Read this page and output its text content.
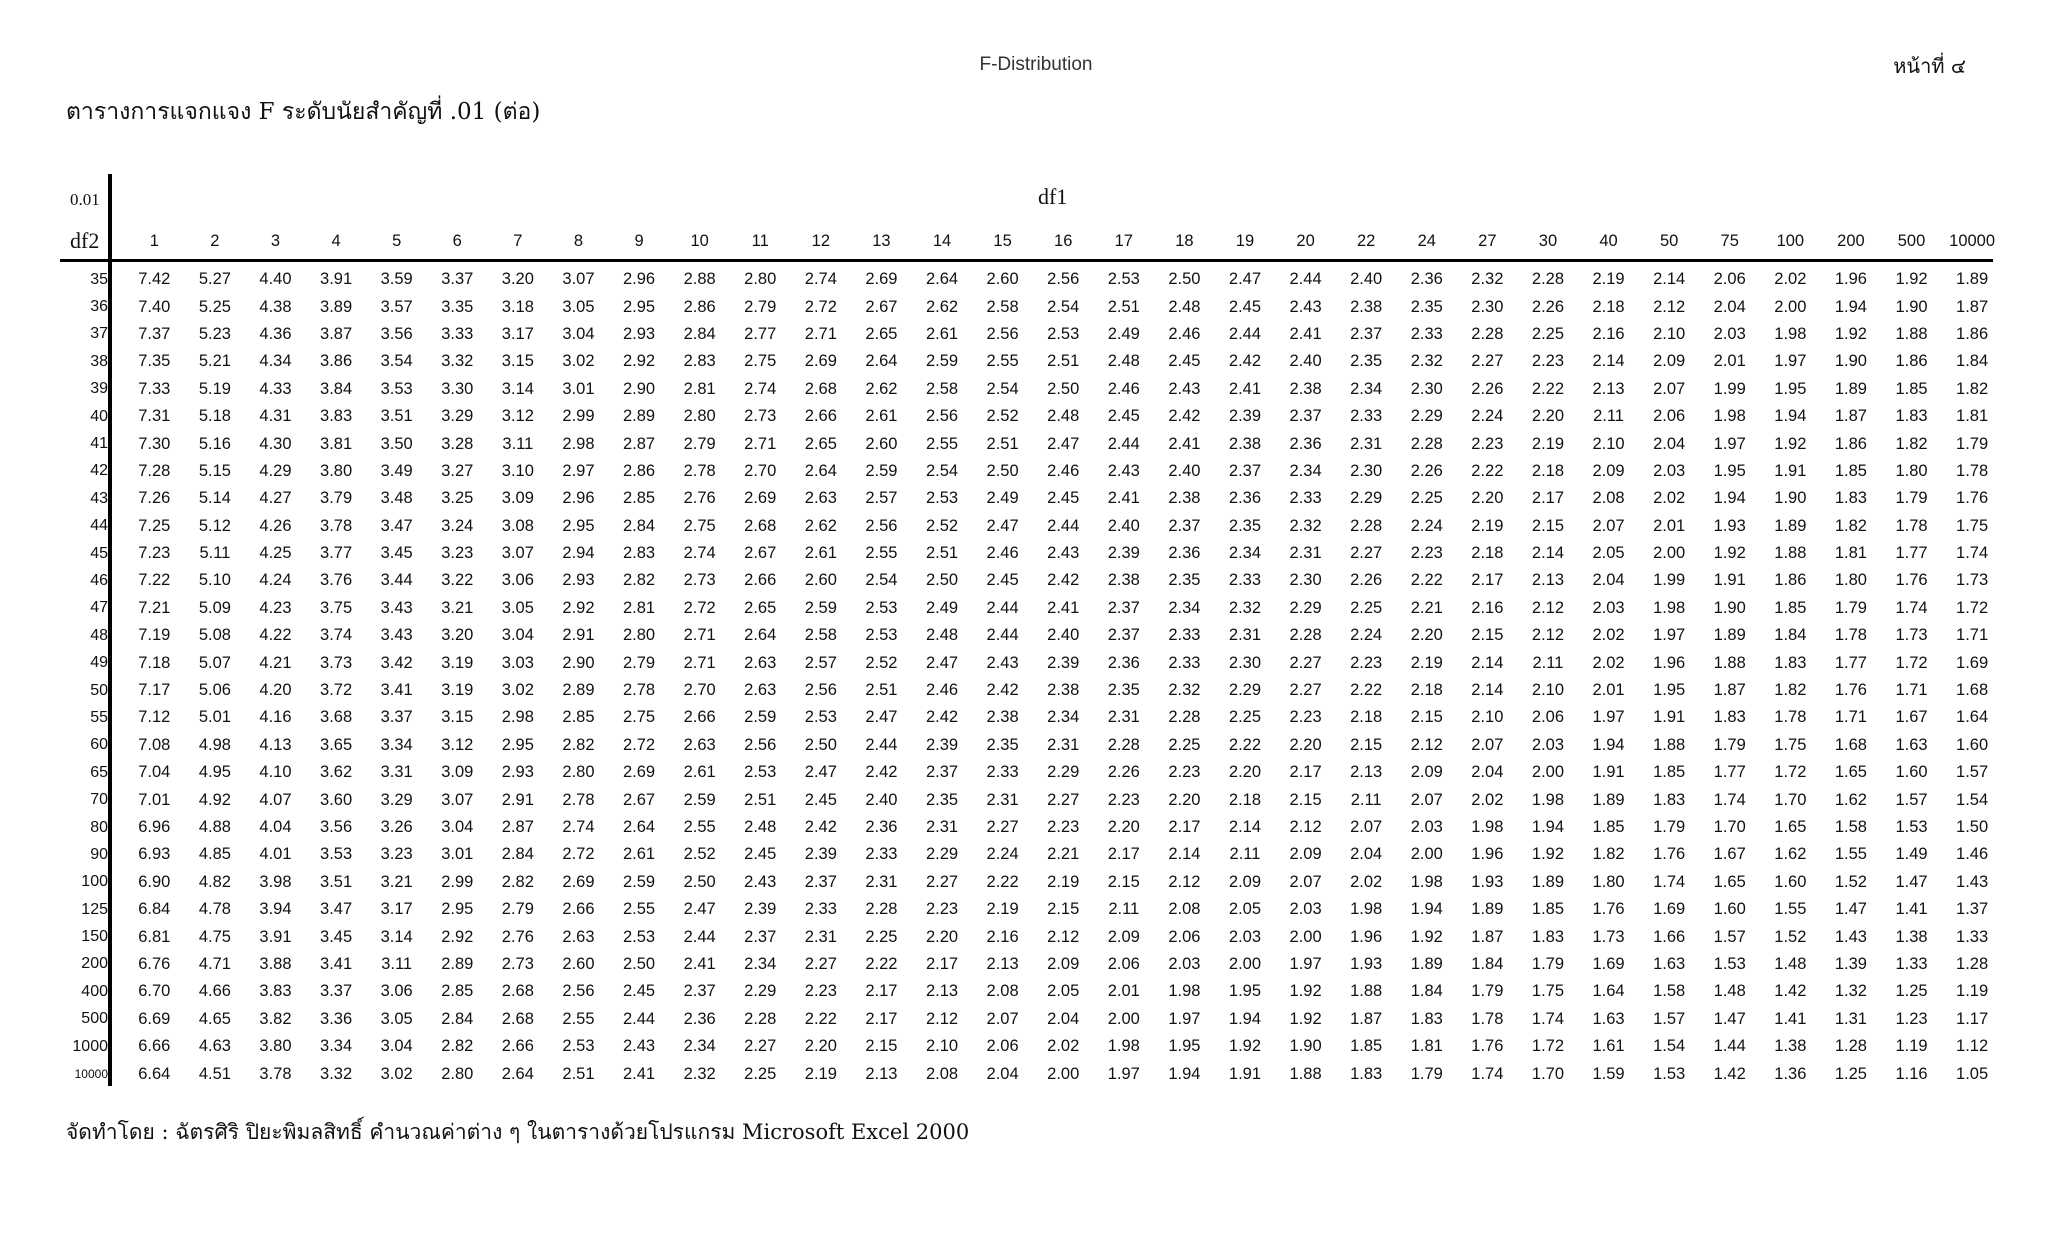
F-Distribution	หน้าที่ ๔
ตารางการแจกแจง F ระดับนัยสำคัญที่ .01 (ต่อ)
0.01	df1
df2
			1	2	3	4	5	6	7	8	9	10	11	12	13	14	15	16	17	18	19	20	22	24	27	30	40	50	75	100	200	500	10000
35		7.42	5.27	4.40	3.91	3.59	3.37	3.20	3.07	2.96	2.88	2.80	2.74	2.69	2.64	2.60	2.56	2.53	2.50	2.47	2.44	2.40	2.36	2.32	2.28	2.19	2.14	2.06	2.02	1.96	1.92	1.89
36		7.40	5.25	4.38	3.89	3.57	3.35	3.18	3.05	2.95	2.86	2.79	2.72	2.67	2.62	2.58	2.54	2.51	2.48	2.45	2.43	2.38	2.35	2.30	2.26	2.18	2.12	2.04	2.00	1.94	1.90	1.87
37		7.37	5.23	4.36	3.87	3.56	3.33	3.17	3.04	2.93	2.84	2.77	2.71	2.65	2.61	2.56	2.53	2.49	2.46	2.44	2.41	2.37	2.33	2.28	2.25	2.16	2.10	2.03	1.98	1.92	1.88	1.86
38		7.35	5.21	4.34	3.86	3.54	3.32	3.15	3.02	2.92	2.83	2.75	2.69	2.64	2.59	2.55	2.51	2.48	2.45	2.42	2.40	2.35	2.32	2.27	2.23	2.14	2.09	2.01	1.97	1.90	1.86	1.84
39		7.33	5.19	4.33	3.84	3.53	3.30	3.14	3.01	2.90	2.81	2.74	2.68	2.62	2.58	2.54	2.50	2.46	2.43	2.41	2.38	2.34	2.30	2.26	2.22	2.13	2.07	1.99	1.95	1.89	1.85	1.82
40		7.31	5.18	4.31	3.83	3.51	3.29	3.12	2.99	2.89	2.80	2.73	2.66	2.61	2.56	2.52	2.48	2.45	2.42	2.39	2.37	2.33	2.29	2.24	2.20	2.11	2.06	1.98	1.94	1.87	1.83	1.81
41		7.30	5.16	4.30	3.81	3.50	3.28	3.11	2.98	2.87	2.79	2.71	2.65	2.60	2.55	2.51	2.47	2.44	2.41	2.38	2.36	2.31	2.28	2.23	2.19	2.10	2.04	1.97	1.92	1.86	1.82	1.79
42		7.28	5.15	4.29	3.80	3.49	3.27	3.10	2.97	2.86	2.78	2.70	2.64	2.59	2.54	2.50	2.46	2.43	2.40	2.37	2.34	2.30	2.26	2.22	2.18	2.09	2.03	1.95	1.91	1.85	1.80	1.78
43		7.26	5.14	4.27	3.79	3.48	3.25	3.09	2.96	2.85	2.76	2.69	2.63	2.57	2.53	2.49	2.45	2.41	2.38	2.36	2.33	2.29	2.25	2.20	2.17	2.08	2.02	1.94	1.90	1.83	1.79	1.76
44		7.25	5.12	4.26	3.78	3.47	3.24	3.08	2.95	2.84	2.75	2.68	2.62	2.56	2.52	2.47	2.44	2.40	2.37	2.35	2.32	2.28	2.24	2.19	2.15	2.07	2.01	1.93	1.89	1.82	1.78	1.75
45		7.23	5.11	4.25	3.77	3.45	3.23	3.07	2.94	2.83	2.74	2.67	2.61	2.55	2.51	2.46	2.43	2.39	2.36	2.34	2.31	2.27	2.23	2.18	2.14	2.05	2.00	1.92	1.88	1.81	1.77	1.74
46		7.22	5.10	4.24	3.76	3.44	3.22	3.06	2.93	2.82	2.73	2.66	2.60	2.54	2.50	2.45	2.42	2.38	2.35	2.33	2.30	2.26	2.22	2.17	2.13	2.04	1.99	1.91	1.86	1.80	1.76	1.73
47		7.21	5.09	4.23	3.75	3.43	3.21	3.05	2.92	2.81	2.72	2.65	2.59	2.53	2.49	2.44	2.41	2.37	2.34	2.32	2.29	2.25	2.21	2.16	2.12	2.03	1.98	1.90	1.85	1.79	1.74	1.72
48		7.19	5.08	4.22	3.74	3.43	3.20	3.04	2.91	2.80	2.71	2.64	2.58	2.53	2.48	2.44	2.40	2.37	2.33	2.31	2.28	2.24	2.20	2.15	2.12	2.02	1.97	1.89	1.84	1.78	1.73	1.71
49		7.18	5.07	4.21	3.73	3.42	3.19	3.03	2.90	2.79	2.71	2.63	2.57	2.52	2.47	2.43	2.39	2.36	2.33	2.30	2.27	2.23	2.19	2.14	2.11	2.02	1.96	1.88	1.83	1.77	1.72	1.69
50		7.17	5.06	4.20	3.72	3.41	3.19	3.02	2.89	2.78	2.70	2.63	2.56	2.51	2.46	2.42	2.38	2.35	2.32	2.29	2.27	2.22	2.18	2.14	2.10	2.01	1.95	1.87	1.82	1.76	1.71	1.68
55		7.12	5.01	4.16	3.68	3.37	3.15	2.98	2.85	2.75	2.66	2.59	2.53	2.47	2.42	2.38	2.34	2.31	2.28	2.25	2.23	2.18	2.15	2.10	2.06	1.97	1.91	1.83	1.78	1.71	1.67	1.64
60		7.08	4.98	4.13	3.65	3.34	3.12	2.95	2.82	2.72	2.63	2.56	2.50	2.44	2.39	2.35	2.31	2.28	2.25	2.22	2.20	2.15	2.12	2.07	2.03	1.94	1.88	1.79	1.75	1.68	1.63	1.60
65		7.04	4.95	4.10	3.62	3.31	3.09	2.93	2.80	2.69	2.61	2.53	2.47	2.42	2.37	2.33	2.29	2.26	2.23	2.20	2.17	2.13	2.09	2.04	2.00	1.91	1.85	1.77	1.72	1.65	1.60	1.57
70		7.01	4.92	4.07	3.60	3.29	3.07	2.91	2.78	2.67	2.59	2.51	2.45	2.40	2.35	2.31	2.27	2.23	2.20	2.18	2.15	2.11	2.07	2.02	1.98	1.89	1.83	1.74	1.70	1.62	1.57	1.54
80		6.96	4.88	4.04	3.56	3.26	3.04	2.87	2.74	2.64	2.55	2.48	2.42	2.36	2.31	2.27	2.23	2.20	2.17	2.14	2.12	2.07	2.03	1.98	1.94	1.85	1.79	1.70	1.65	1.58	1.53	1.50
90		6.93	4.85	4.01	3.53	3.23	3.01	2.84	2.72	2.61	2.52	2.45	2.39	2.33	2.29	2.24	2.21	2.17	2.14	2.11	2.09	2.04	2.00	1.96	1.92	1.82	1.76	1.67	1.62	1.55	1.49	1.46
100		6.90	4.82	3.98	3.51	3.21	2.99	2.82	2.69	2.59	2.50	2.43	2.37	2.31	2.27	2.22	2.19	2.15	2.12	2.09	2.07	2.02	1.98	1.93	1.89	1.80	1.74	1.65	1.60	1.52	1.47	1.43
125		6.84	4.78	3.94	3.47	3.17	2.95	2.79	2.66	2.55	2.47	2.39	2.33	2.28	2.23	2.19	2.15	2.11	2.08	2.05	2.03	1.98	1.94	1.89	1.85	1.76	1.69	1.60	1.55	1.47	1.41	1.37
150		6.81	4.75	3.91	3.45	3.14	2.92	2.76	2.63	2.53	2.44	2.37	2.31	2.25	2.20	2.16	2.12	2.09	2.06	2.03	2.00	1.96	1.92	1.87	1.83	1.73	1.66	1.57	1.52	1.43	1.38	1.33
200		6.76	4.71	3.88	3.41	3.11	2.89	2.73	2.60	2.50	2.41	2.34	2.27	2.22	2.17	2.13	2.09	2.06	2.03	2.00	1.97	1.93	1.89	1.84	1.79	1.69	1.63	1.53	1.48	1.39	1.33	1.28
400		6.70	4.66	3.83	3.37	3.06	2.85	2.68	2.56	2.45	2.37	2.29	2.23	2.17	2.13	2.08	2.05	2.01	1.98	1.95	1.92	1.88	1.84	1.79	1.75	1.64	1.58	1.48	1.42	1.32	1.25	1.19
500		6.69	4.65	3.82	3.36	3.05	2.84	2.68	2.55	2.44	2.36	2.28	2.22	2.17	2.12	2.07	2.04	2.00	1.97	1.94	1.92	1.87	1.83	1.78	1.74	1.63	1.57	1.47	1.41	1.31	1.23	1.17
1000		6.66	4.63	3.80	3.34	3.04	2.82	2.66	2.53	2.43	2.34	2.27	2.20	2.15	2.10	2.06	2.02	1.98	1.95	1.92	1.90	1.85	1.81	1.76	1.72	1.61	1.54	1.44	1.38	1.28	1.19	1.12
10000		6.64	4.51	3.78	3.32	3.02	2.80	2.64	2.51	2.41	2.32	2.25	2.19	2.13	2.08	2.04	2.00	1.97	1.94	1.91	1.88	1.83	1.79	1.74	1.70	1.59	1.53	1.42	1.36	1.25	1.16	1.05
จัดทำโดย : ฉัตรศิริ ปิยะพิมลสิทธิ์ คำนวณค่าต่าง ๆ ในตารางด้วยโปรแกรม Microsoft Excel 2000
